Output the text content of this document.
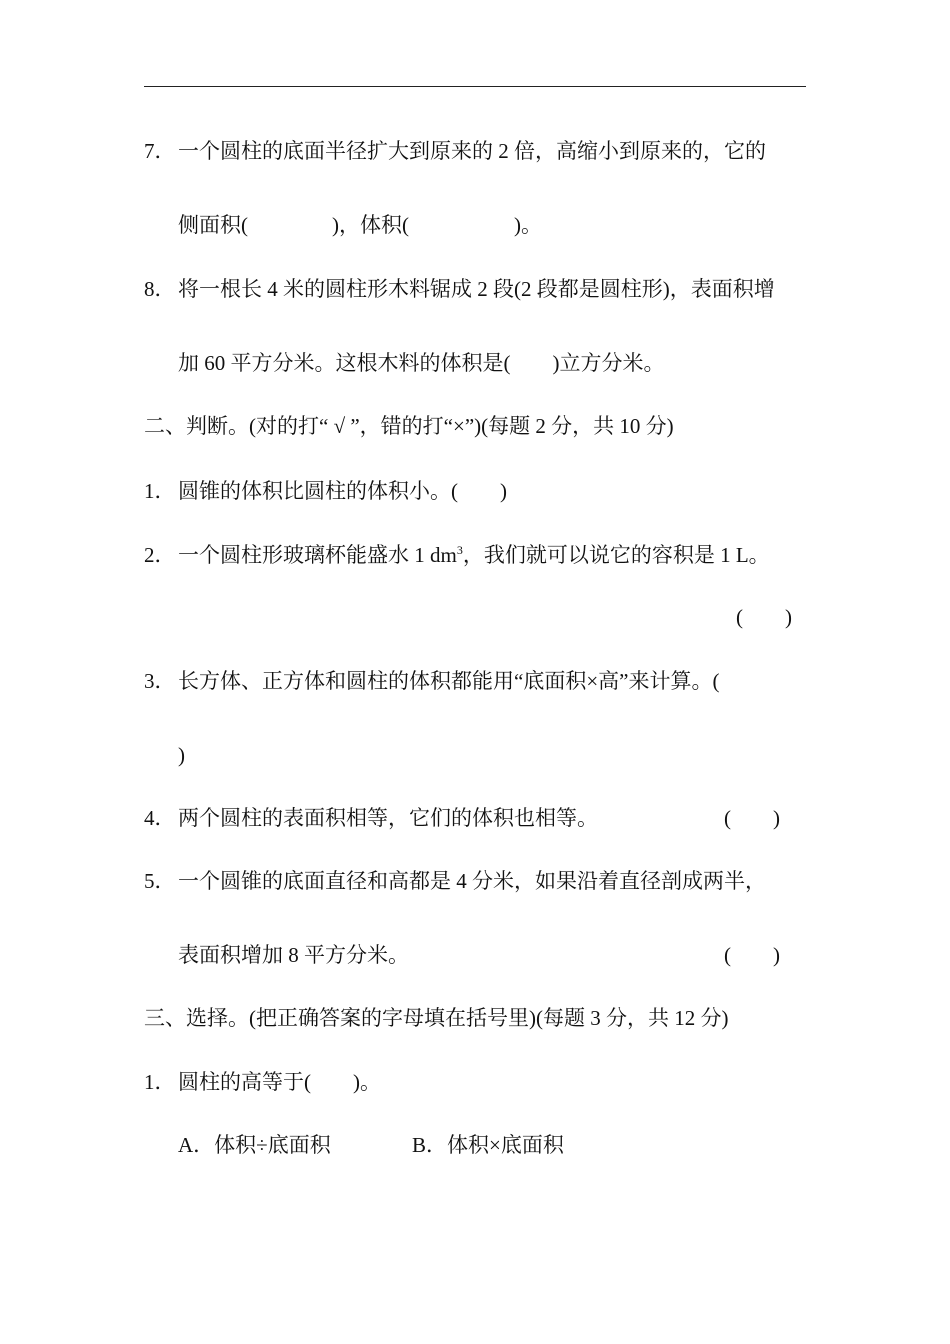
7． 一个圆柱的底面半径扩大到原来的 2 倍，高缩小到原来的，它的
侧面积(　　　　)，体积(　　　　　)。
8． 将一根长 4 米的圆柱形木料锯成 2 段(2 段都是圆柱形)，表面积增
加 60 平方分米。这根木料的体积是(　　)立方分米。
二、判断。(对的打“ √ ”，错的打“×”)(每题 2 分，共 10 分)
1． 圆锥的体积比圆柱的体积小。(　　)
2． 一个圆柱形玻璃杯能盛水 1 $dm^3$，我们就可以说它的容积是 1 L。
(　　)
3． 长方体、正方体和圆柱的体积都能用“底面积×高”来计算。(
)
4． 两个圆柱的表面积相等，它们的体积也相等。	(　　)
5． 一个圆锥的底面直径和高都是 4 分米，如果沿着直径剖成两半，
表面积增加 8 平方分米。	(　　)
三、选择。(把正确答案的字母填在括号里)(每题 3 分，共 12 分)
1． 圆柱的高等于(　　)。
A．体积÷底面积	B．体积×底面积
